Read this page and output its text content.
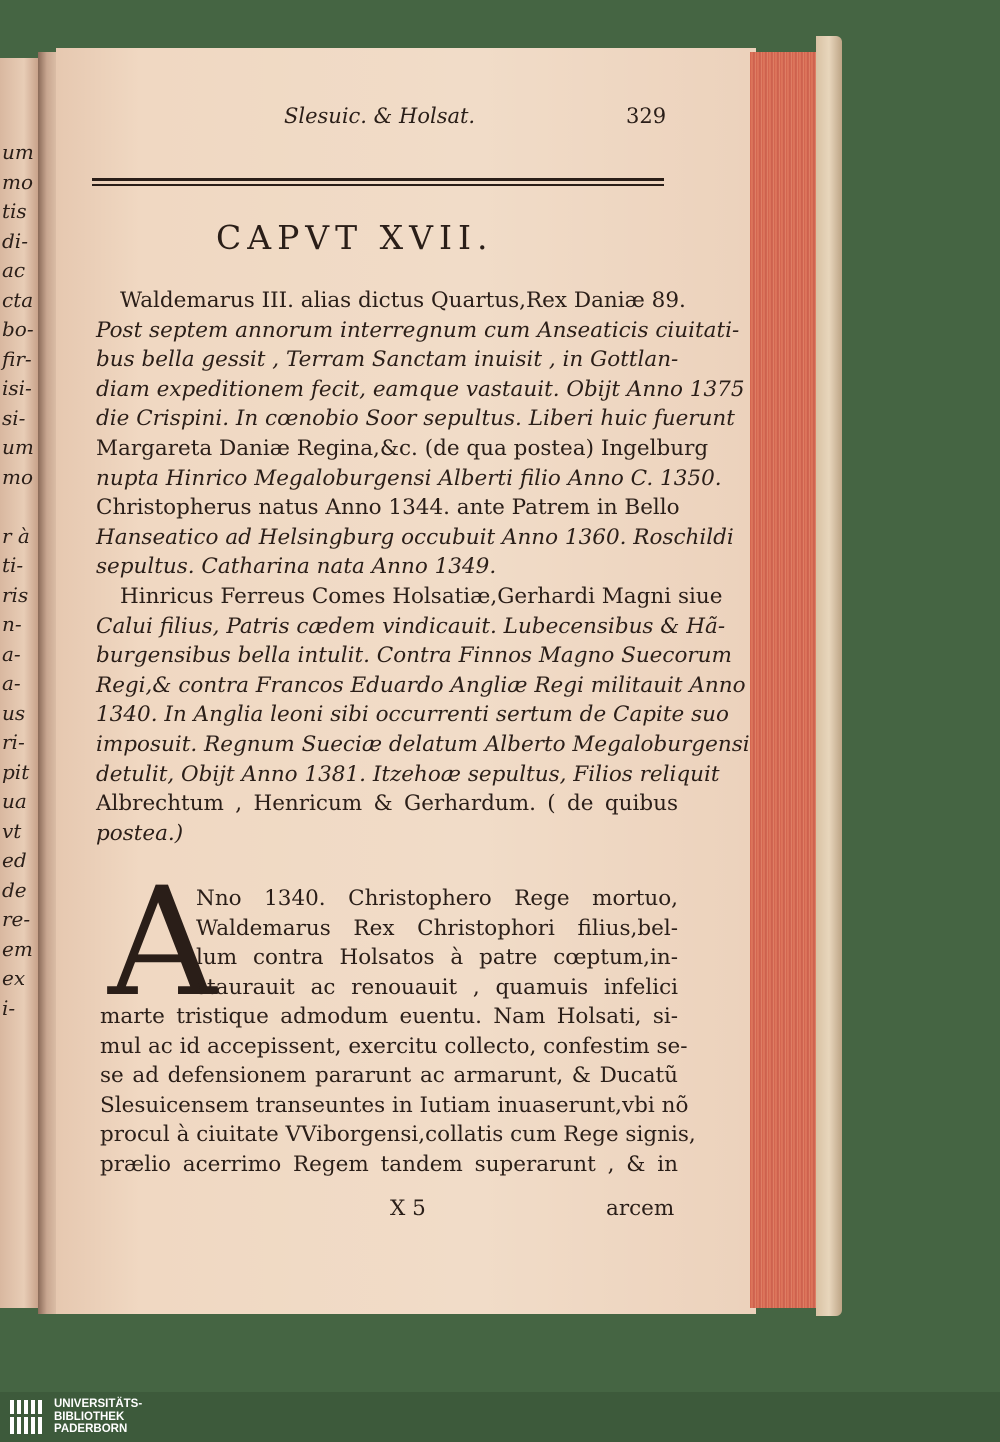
um
mo
tis
di-
ac
cta
bo-
fir-
isi-
si-
um
mo
r à
ti-
ris
n-
a-
a-
us
ri-
pit
ua
vt
ed
de
re-
em
ex
i-
Slesuic. & Holsat.	329
CAPVT XVII.
Waldemarus III. alias dictus Quartus,Rex Daniæ 89.
Post septem annorum interregnum cum Anseaticis ciuitati-
bus bella gessit , Terram Sanctam inuisit , in Gottlan-
diam expeditionem fecit, eamque vastauit. Obijt Anno 1375
die Crispini. In cœnobio Soor sepultus. Liberi huic fuerunt
Margareta Daniæ Regina,&c. (de qua postea) Ingelburg
nupta Hinrico Megaloburgensi Alberti filio Anno C. 1350.
Christopherus natus Anno 1344. ante Patrem in Bello
Hanseatico ad Helsingburg occubuit Anno 1360. Roschildi
sepultus. Catharina nata Anno 1349.
Hinricus Ferreus Comes Holsatiæ,Gerhardi Magni siue
Calui filius, Patris cædem vindicauit. Lubecensibus & Hã-
burgensibus bella intulit. Contra Finnos Magno Suecorum
Regi,& contra Francos Eduardo Angliæ Regi militauit Anno
1340. In Anglia leoni sibi occurrenti sertum de Capite suo
imposuit. Regnum Sueciæ delatum Alberto Megaloburgensi
detulit, Obijt Anno 1381. Itzehoæ sepultus, Filios reliquit
Albrechtum , Henricum & Gerhardum. ( de quibus
postea.)
A
Nno 1340. Christophero Rege mortuo,
Waldemarus Rex Christophori filius,bel-
lum contra Holsatos à patre cœptum,in-
staurauit ac renouauit , quamuis infelici
marte tristique admodum euentu. Nam Holsati, si-
mul ac id accepissent, exercitu collecto, confestim se-
se ad defensionem pararunt ac armarunt, & Ducatũ
Slesuicensem transeuntes in Iutiam inuaserunt,vbi nõ
procul à ciuitate VViborgensi,collatis cum Rege signis,
prælio acerrimo Regem tandem superarunt , & in
X 5	arcem
UNIVERSITÄTS-
BIBLIOTHEK
PADERBORN
